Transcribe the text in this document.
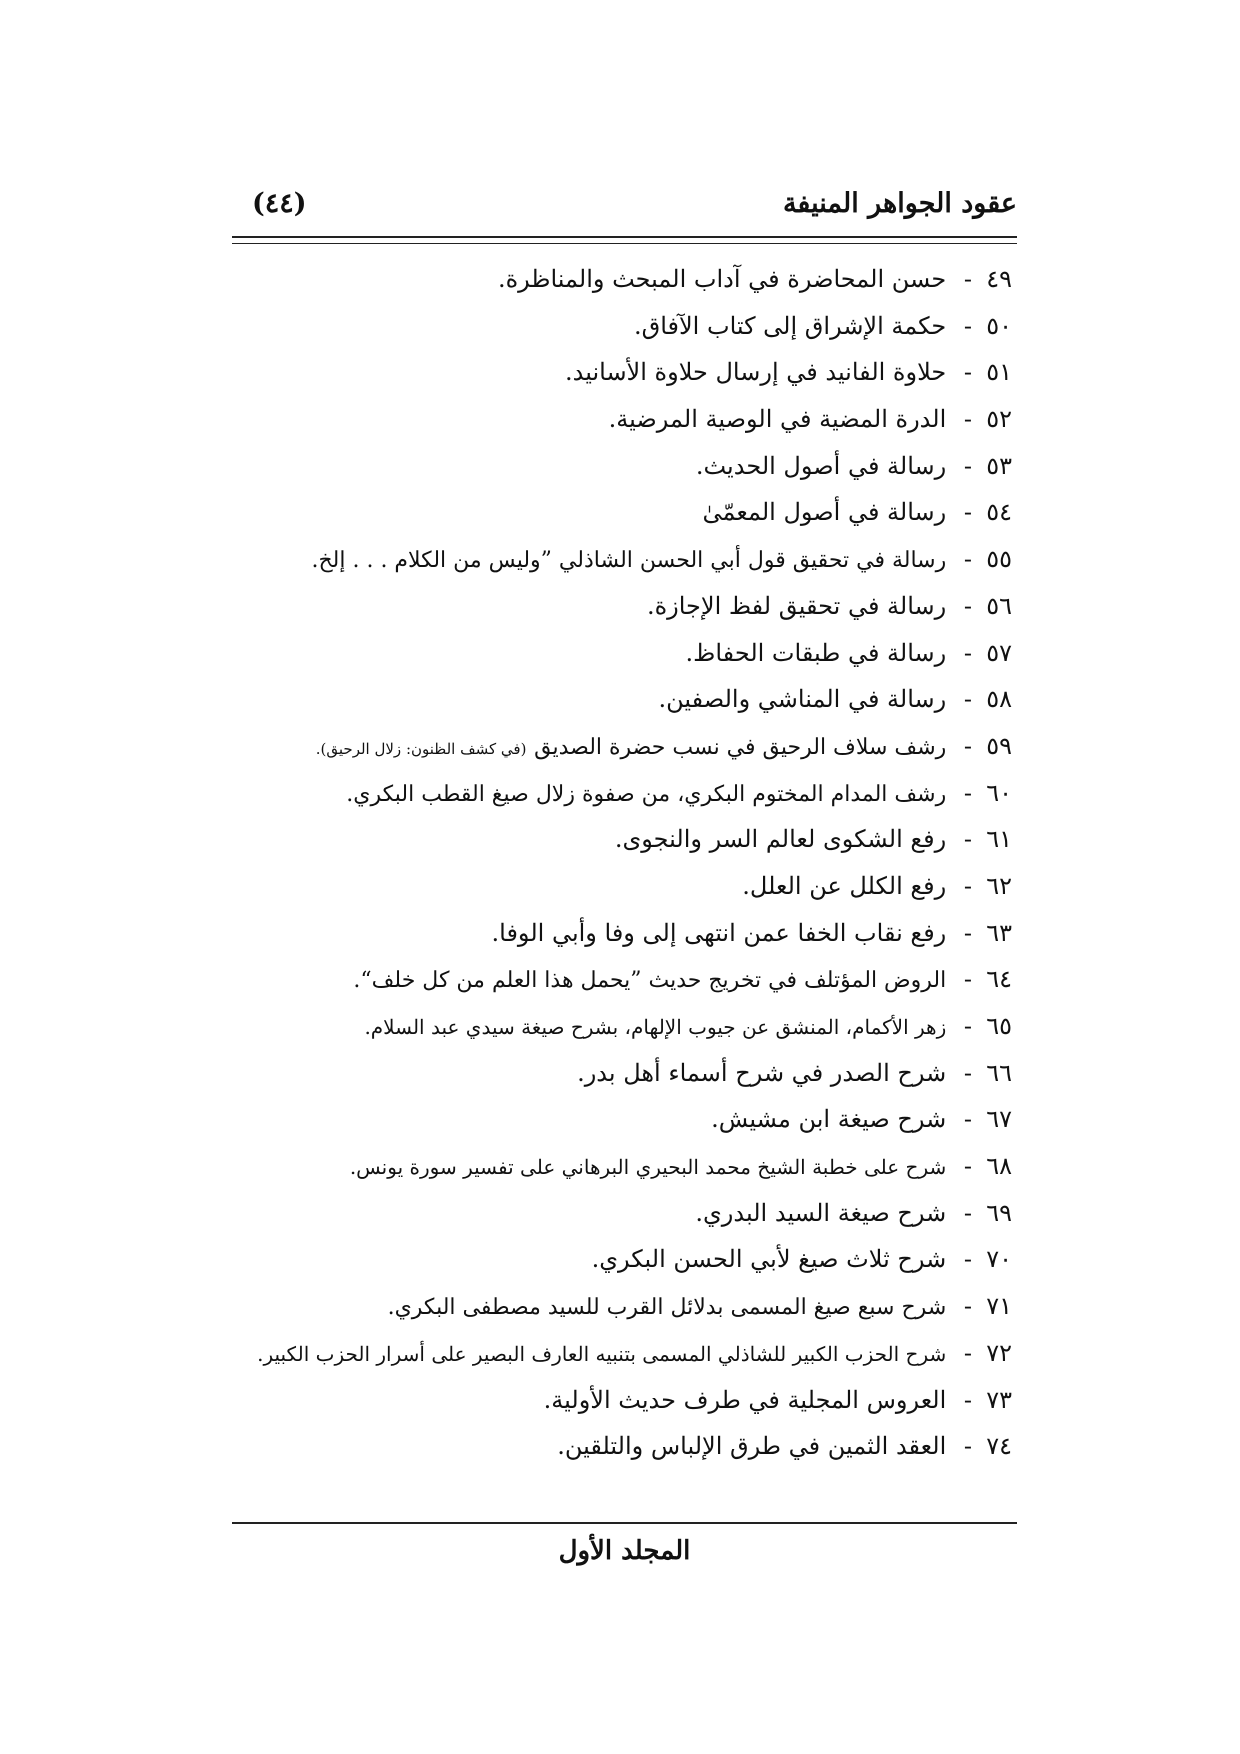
عقود الجواهر المنيفة
(٤٤)
٤٩- حسن المحاضرة في آداب المبحث والمناظرة.
٥٠- حكمة الإشراق إلى كتاب الآفاق.
٥١- حلاوة الفانيد في إرسال حلاوة الأسانيد.
٥٢- الدرة المضية في الوصية المرضية.
٥٣- رسالة في أصول الحديث.
٥٤- رسالة في أصول المعمّىٰ
٥٥- رسالة في تحقيق قول أبي الحسن الشاذلي ”وليس من الكلام . . . إلخ.
٥٦- رسالة في تحقيق لفظ الإجازة.
٥٧- رسالة في طبقات الحفاظ.
٥٨- رسالة في المناشي والصفين.
٥٩- رشف سلاف الرحيق في نسب حضرة الصديق (في كشف الظنون: زلال الرحيق).
٦٠- رشف المدام المختوم البكري، من صفوة زلال صيغ القطب البكري.
٦١- رفع الشكوى لعالم السر والنجوى.
٦٢- رفع الكلل عن العلل.
٦٣- رفع نقاب الخفا عمن انتهى إلى وفا وأبي الوفا.
٦٤- الروض المؤتلف في تخريج حديث ”يحمل هذا العلم من كل خلف“.
٦٥- زهر الأكمام، المنشق عن جيوب الإلهام، بشرح صيغة سيدي عبد السلام.
٦٦- شرح الصدر في شرح أسماء أهل بدر.
٦٧- شرح صيغة ابن مشيش.
٦٨- شرح على خطبة الشيخ محمد البحيري البرهاني على تفسير سورة يونس.
٦٩- شرح صيغة السيد البدري.
٧٠- شرح ثلاث صيغ لأبي الحسن البكري.
٧١- شرح سبع صيغ المسمى بدلائل القرب للسيد مصطفى البكري.
٧٢- شرح الحزب الكبير للشاذلي المسمى بتنبيه العارف البصير على أسرار الحزب الكبير.
٧٣- العروس المجلية في طرف حديث الأولية.
٧٤- العقد الثمين في طرق الإلباس والتلقين.
المجلد الأول
